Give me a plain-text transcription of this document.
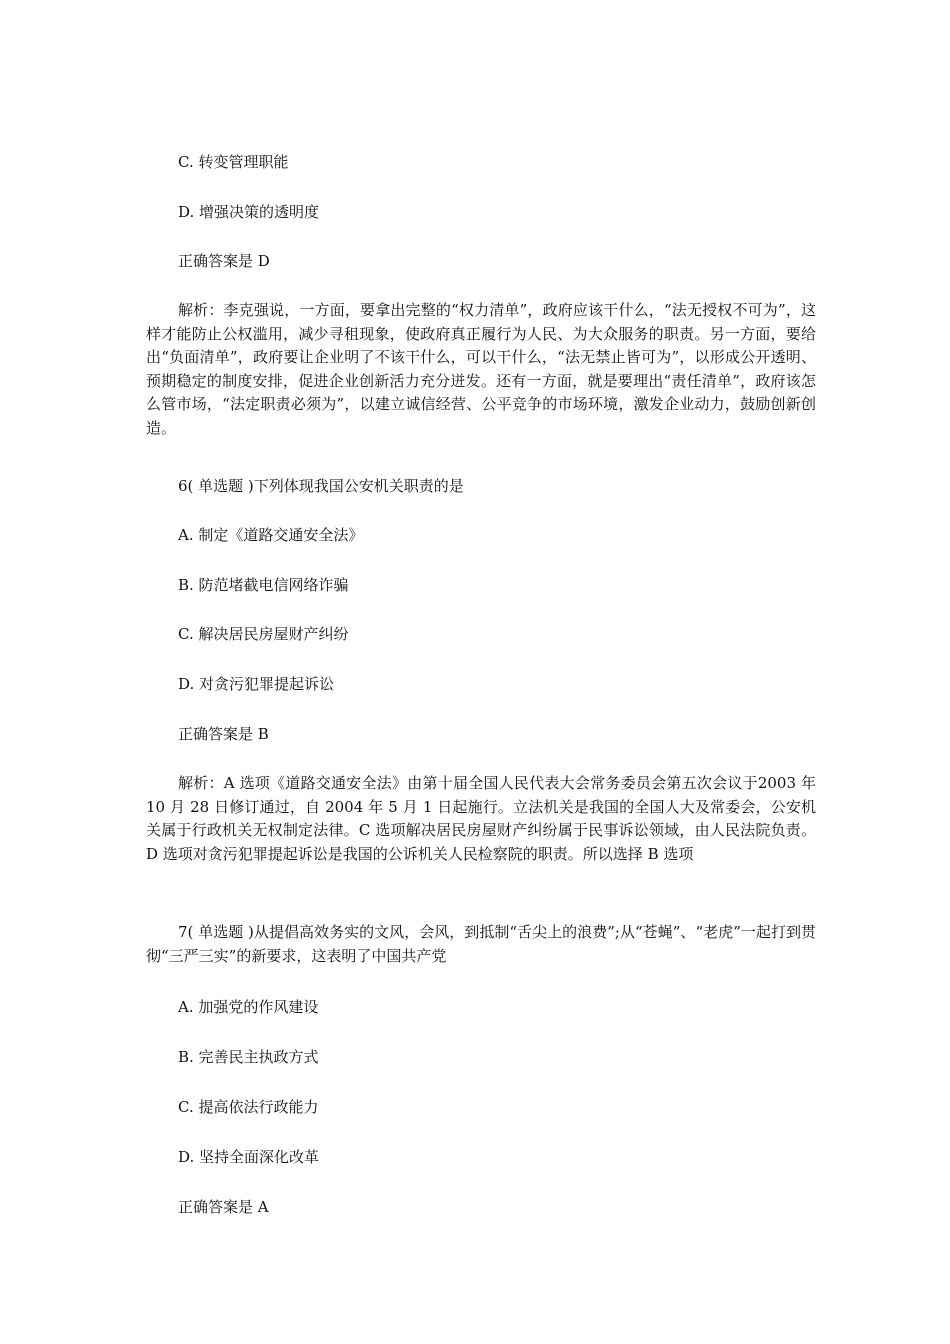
C. 转变管理职能
D. 增强决策的透明度
正确答案是 D

解析：李克强说，一方面，要拿出完整的“权力清单”，政府应该干什么，“法无授权不可为”，这样才能防止公权滥用，减少寻租现象，使政府真正履行为人民、为大众服务的职责。另一方面，要给出“负面清单”，政府要让企业明了不该干什么，可以干什么，“法无禁止皆可为”，以形成公开透明、预期稳定的制度安排，促进企业创新活力充分迸发。还有一方面，就是要理出“责任清单”，政府该怎么管市场，“法定职责必须为”，以建立诚信经营、公平竞争的市场环境，激发企业动力，鼓励创新创造。

6( 单选题 )下列体现我国公安机关职责的是
A. 制定《道路交通安全法》
B. 防范堵截电信网络诈骗
C. 解决居民房屋财产纠纷
D. 对贪污犯罪提起诉讼
正确答案是 B

解析：A 选项《道路交通安全法》由第十届全国人民代表大会常务委员会第五次会议于2003 年 10 月 28 日修订通过，自 2004 年 5 月 1 日起施行。立法机关是我国的全国人大及常委会，公安机关属于行政机关无权制定法律。C 选项解决居民房屋财产纠纷属于民事诉讼领域，由人民法院负责。D 选项对贪污犯罪提起诉讼是我国的公诉机关人民检察院的职责。所以选择 B 选项

7( 单选题 )从提倡高效务实的文风，会风，到抵制“舌尖上的浪费”;从“苍蝇”、“老虎”一起打到贯彻“三严三实”的新要求，这表明了中国共产党

A. 加强党的作风建设
B. 完善民主执政方式
C. 提高依法行政能力
D. 坚持全面深化改革
正确答案是 A
